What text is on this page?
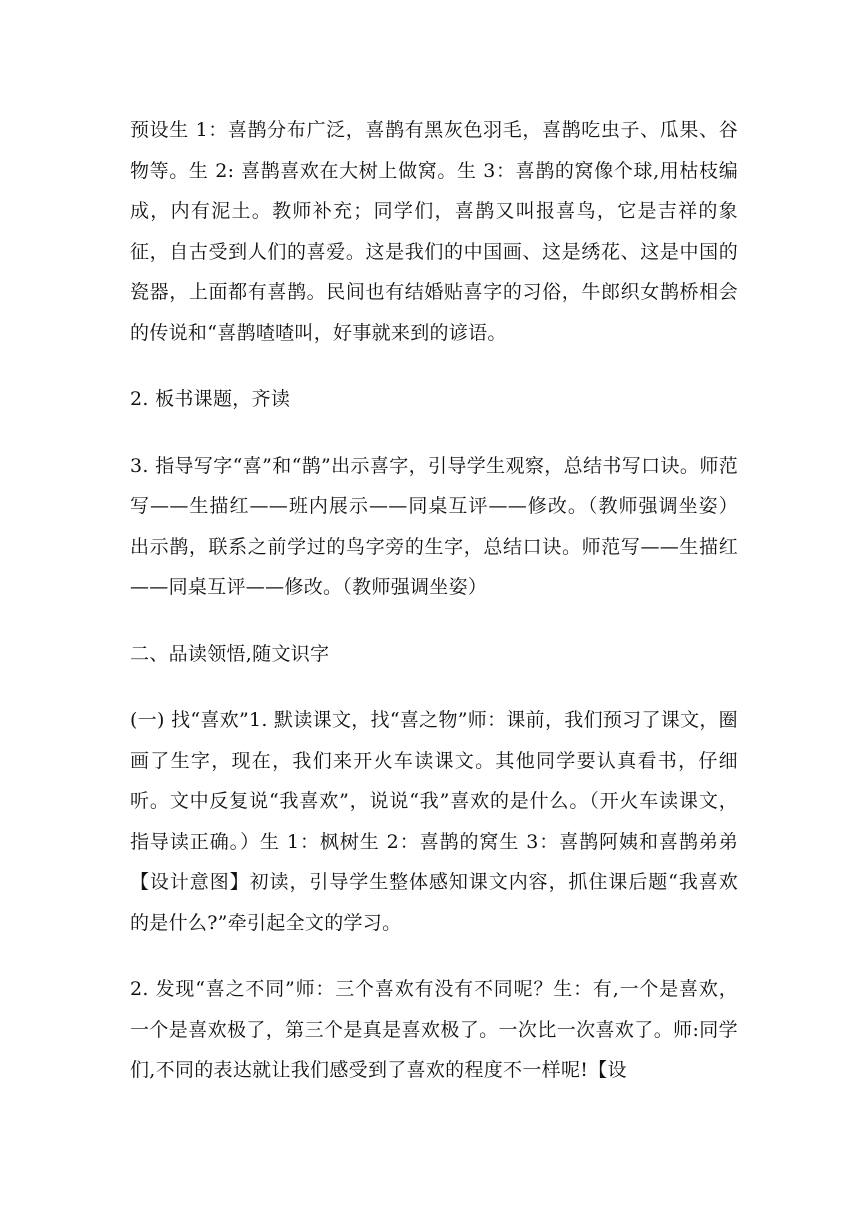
预设生 1：喜鹊分布广泛，喜鹊有黑灰色羽毛，喜鹊吃虫子、瓜果、谷物等。生 2: 喜鹊喜欢在大树上做窝。生 3：喜鹊的窝像个球,用枯枝编成，内有泥土。教师补充；同学们，喜鹊又叫报喜鸟，它是吉祥的象征，自古受到人们的喜爱。这是我们的中国画、这是绣花、这是中国的瓷器，上面都有喜鹊。民间也有结婚贴喜字的习俗，牛郎织女鹊桥相会的传说和“喜鹊喳喳叫，好事就来到的谚语。

2. 板书课题，齐读

3. 指导写字“喜”和“鹊”出示喜字，引导学生观察，总结书写口诀。师范写——生描红——班内展示——同桌互评——修改。（教师强调坐姿） 出示鹊，联系之前学过的鸟字旁的生字，总结口诀。师范写——生描红——同桌互评——修改。（教师强调坐姿）

二、品读领悟,随文识字

(一) 找“喜欢”1. 默读课文，找“喜之物”师：课前，我们预习了课文，圈画了生字，现在，我们来开火车读课文。其他同学要认真看书，仔细听。文中反复说“我喜欢”，说说“我”喜欢的是什么。（开火车读课文，指导读正确。）生 1：枫树生 2：喜鹊的窝生 3：喜鹊阿姨和喜鹊弟弟【设计意图】初读，引导学生整体感知课文内容，抓住课后题“我喜欢的是什么?”牵引起全文的学习。

2. 发现“喜之不同”师：三个喜欢有没有不同呢？生：有,一个是喜欢，一个是喜欢极了，第三个是真是喜欢极了。一次比一次喜欢了。师:同学们,不同的表达就让我们感受到了喜欢的程度不一样呢!【设
